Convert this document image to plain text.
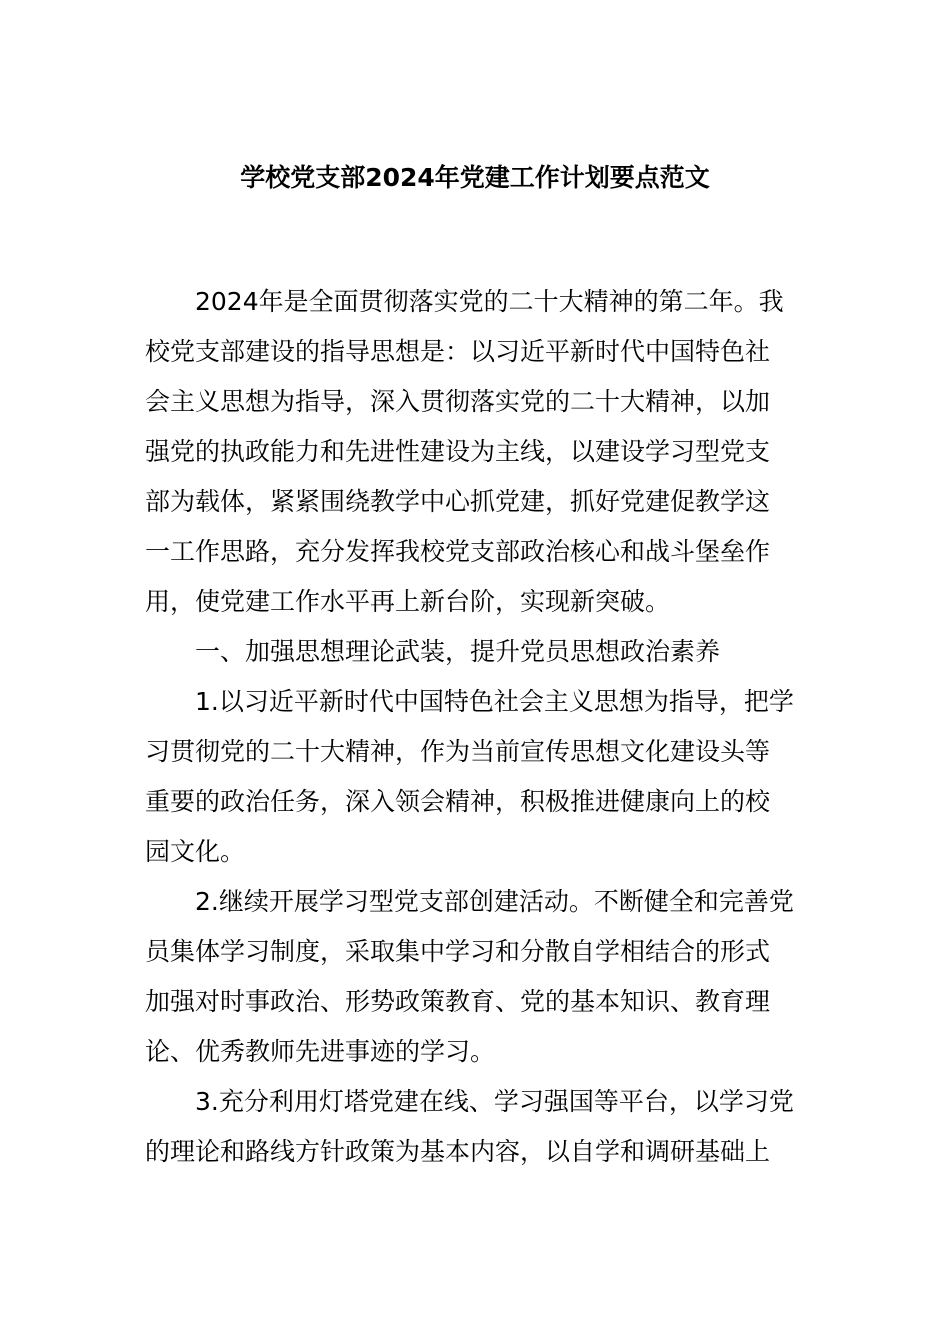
学校党支部2024年党建工作计划要点范文
2024年是全面贯彻落实党的二十大精神的第二年。我
校党支部建设的指导思想是：以习近平新时代中国特色社
会主义思想为指导，深入贯彻落实党的二十大精神，以加
强党的执政能力和先进性建设为主线，以建设学习型党支
部为载体，紧紧围绕教学中心抓党建，抓好党建促教学这
一工作思路，充分发挥我校党支部政治核心和战斗堡垒作
用，使党建工作水平再上新台阶，实现新突破。
一、加强思想理论武装，提升党员思想政治素养
1.以习近平新时代中国特色社会主义思想为指导，把学
习贯彻党的二十大精神，作为当前宣传思想文化建设头等
重要的政治任务，深入领会精神，积极推进健康向上的校
园文化。
2.继续开展学习型党支部创建活动。不断健全和完善党
员集体学习制度，采取集中学习和分散自学相结合的形式
加强对时事政治、形势政策教育、党的基本知识、教育理
论、优秀教师先进事迹的学习。
3.充分利用灯塔党建在线、学习强国等平台，以学习党
的理论和路线方针政策为基本内容，以自学和调研基础上
